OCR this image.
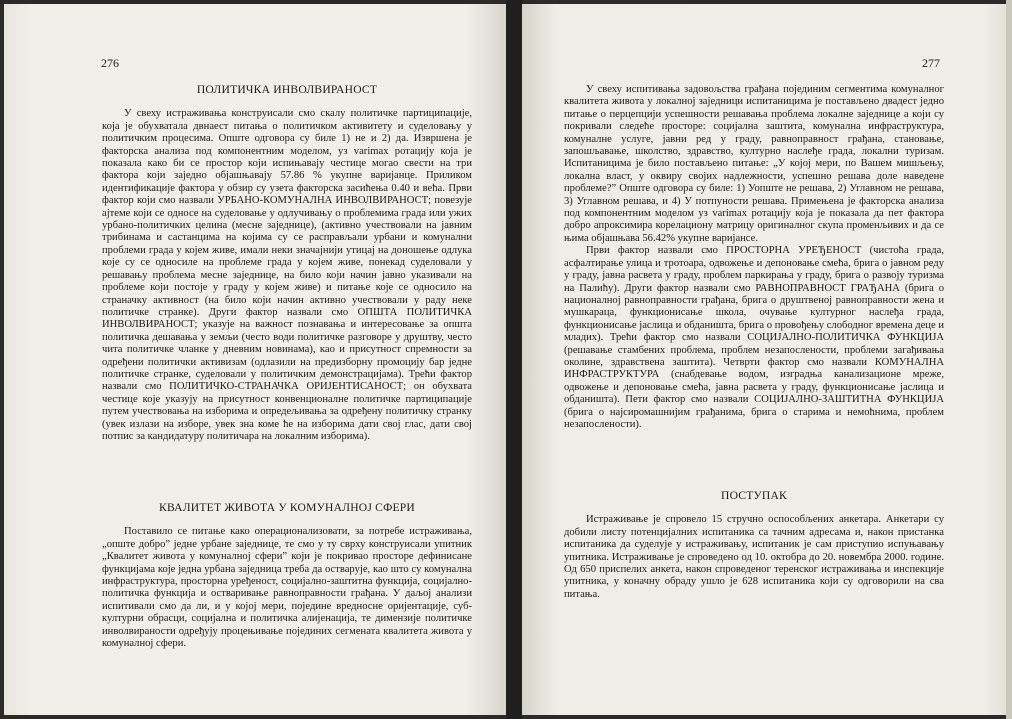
276
ПОЛИТИЧКА ИНВОЛВИРАНОСТ

У свеху истраживања конструисали смо скалу политичке партиципације, која је обухватала двнаест питања о политичком активитету и суделовању у политичким процесима. Опште одговора су биле 1) не и 2) да. Извршена је факторска анализа под компонентним моделом, уз varimax ротацију која је показала како би се простор који испињавају честице могао свести на три фактора који заједно објашњавају 57.86 % укупне варијанце. Приликом идентификације фактора у обзир су узета факторска засићења 0.40 и већа. Први фактор који смо назвали УРБАНО-КОМУНАЛНА ИНВОЛВИРАНОСТ; повезује ајтеме који се односе на суделовање у одлучивању о проблемима града или ужих урбано-политичких целина (месне заједнице), (активно учествовали на јавним трибинама и састанцима на којима су се расправљали урбани и комунални проблеми града у којем живе, имали неки значајнији утицај на доношење одлука које су се односиле на проблеме града у којем живе, понекад суделовали у решавању проблема месне заједнице, на било који начин јавно указивали на проблеме који постоје у граду у којем живе) и питање које се односило на страначку активност (на било који начин активно учествовали у раду неке политичке странке). Други фактор назвали смо ОПШТА ПОЛИТИЧКА ИНВОЛВИРАНОСТ; указује на важност познавања и интересовање за општа политичка дешавања у земљи (често води политичке разговоре у друштву, често чита политичке чланке у дневним новинама), као и присутност спремности за одређени политички активизам (одлазили на предизборну промоцију бар једне политичке странке, суделовали у политичким демонстрацијама). Трећи фактор назвали смо ПОЛИТИЧКО-СТРАНАЧКА ОРИЈЕНТИСАНОСТ; он обухвата честице које указују на присутност конвенционалне политичке партиципације путем учествовања на изборима и опредељивања за одређену политичку странку (увек излази на изборе, увек зна коме ће на изборима дати свој глас, дати свој потпис за кандидатуру политичара на локалним изборима).

КВАЛИТЕТ ЖИВОТА У КОМУНАЛНОЈ СФЕРИ

Поставило се питање како операционализовати, за потребе истраживања, „опште добро” једне урбане заједнице, те смо у ту сврху конструисали упитник „Квалитет живота у комуналној сфери” који је покривао просторе дефинисане функцијама које једна урбана заједница треба да остварује, као што су комунална инфраструктура, просторна уређеност, социјално-заштитна функција, социјално-политичка функција и остваривање равноправности грађана. У даљој анализи испитивали смо да ли, и у којој мери, поједине вредносне оријентације, суб-културни обрасци, социјална и политичка алијенација, те димензије политичке инволвираности одређују процењивање појединих сегмената квалитета живота у комуналној сфери.

277

У свеху испитивања задовољства грађана појединим сегментима комуналног квалитета живота у локалној заједници испитаницима је постављено двадест једно питање о перцепцији успешности решавања проблема локалне заједнице а који су покривали следеће просторе: социјална заштита, комунална инфраструктура, комуналне услуге, јавни ред у граду, равноправност грађана, становање, запошљавање, школство, здравство, културно наслеђе града, локални туризам. Испитаницима је било постављено питање: „У којој мери, по Вашем мишљењу, локална власт, у оквиру својих надлежности, успешно решава доле наведене проблеме?” Опште одговора су биле: 1) Уопште не решава, 2) Углавном не решава, 3) Углавном решава, и 4) У потпуности решава. Примењена је факторска анализа под компонентним моделом уз varimax ротацију која је показала да пет фактора добро апроксимира корелациону матрицу оригиналног скупа променљивих и да се њима објашњава 56.42% укупне варијансе.

Први фактор назвали смо ПРОСТОРНА УРЕЂЕНОСТ (чистоћа града, асфалтирање улица и тротоара, одвожење и депоновање смећа, брига о јавном реду у граду, јавна расвета у граду, проблем паркирања у граду, брига о развоју туризма на Палићу). Други фактор назвали смо РАВНОПРАВНОСТ ГРАЂАНА (брига о националној равноправности грађана, брига о друштвеној равноправности жена и мушкараца, функционисање школа, очување културног наслеђа града, функционисање јаслица и обданишта, брига о провођењу слободног времена деце и младих). Трећи фактор смо назвали СОЦИЈАЛНО-ПОЛИТИЧКА ФУНКЦИЈА (решавање стамбених проблема, проблем незапослености, проблеми загађивања околине, здравствена заштита). Четврти фактор смо назвали КОМУНАЛНА ИНФРАСТРУКТУРА (снабдевање водом, изградња канализационе мреже, одвожење и депоновање смећа, јавна расвета у граду, функционисање јаслица и обданишта). Пети фактор смо назвали СОЦИЈАЛНО-ЗАШТИТНА ФУНКЦИЈА (брига о најсиромашнијим грађанима, брига о старима и немоћнима, проблем незапослености).

ПОСТУПАК

Истраживање је спровело 15 стручно оспособљених анкетара. Анкетари су добили листу потенцијалних испитаника са тачним адресама и, након пристанка испитаника да суделује у истраживању, испитаник је сам приступио испуњавању упитника. Истраживање је спроведено од 10. октобра до 20. новембра 2000. године. Од 650 приспелих анкета, након спроведеног теренског истраживања и инспекције упитника, у коначну обраду ушло је 628 испитаника који су одговорили на сва питања.
